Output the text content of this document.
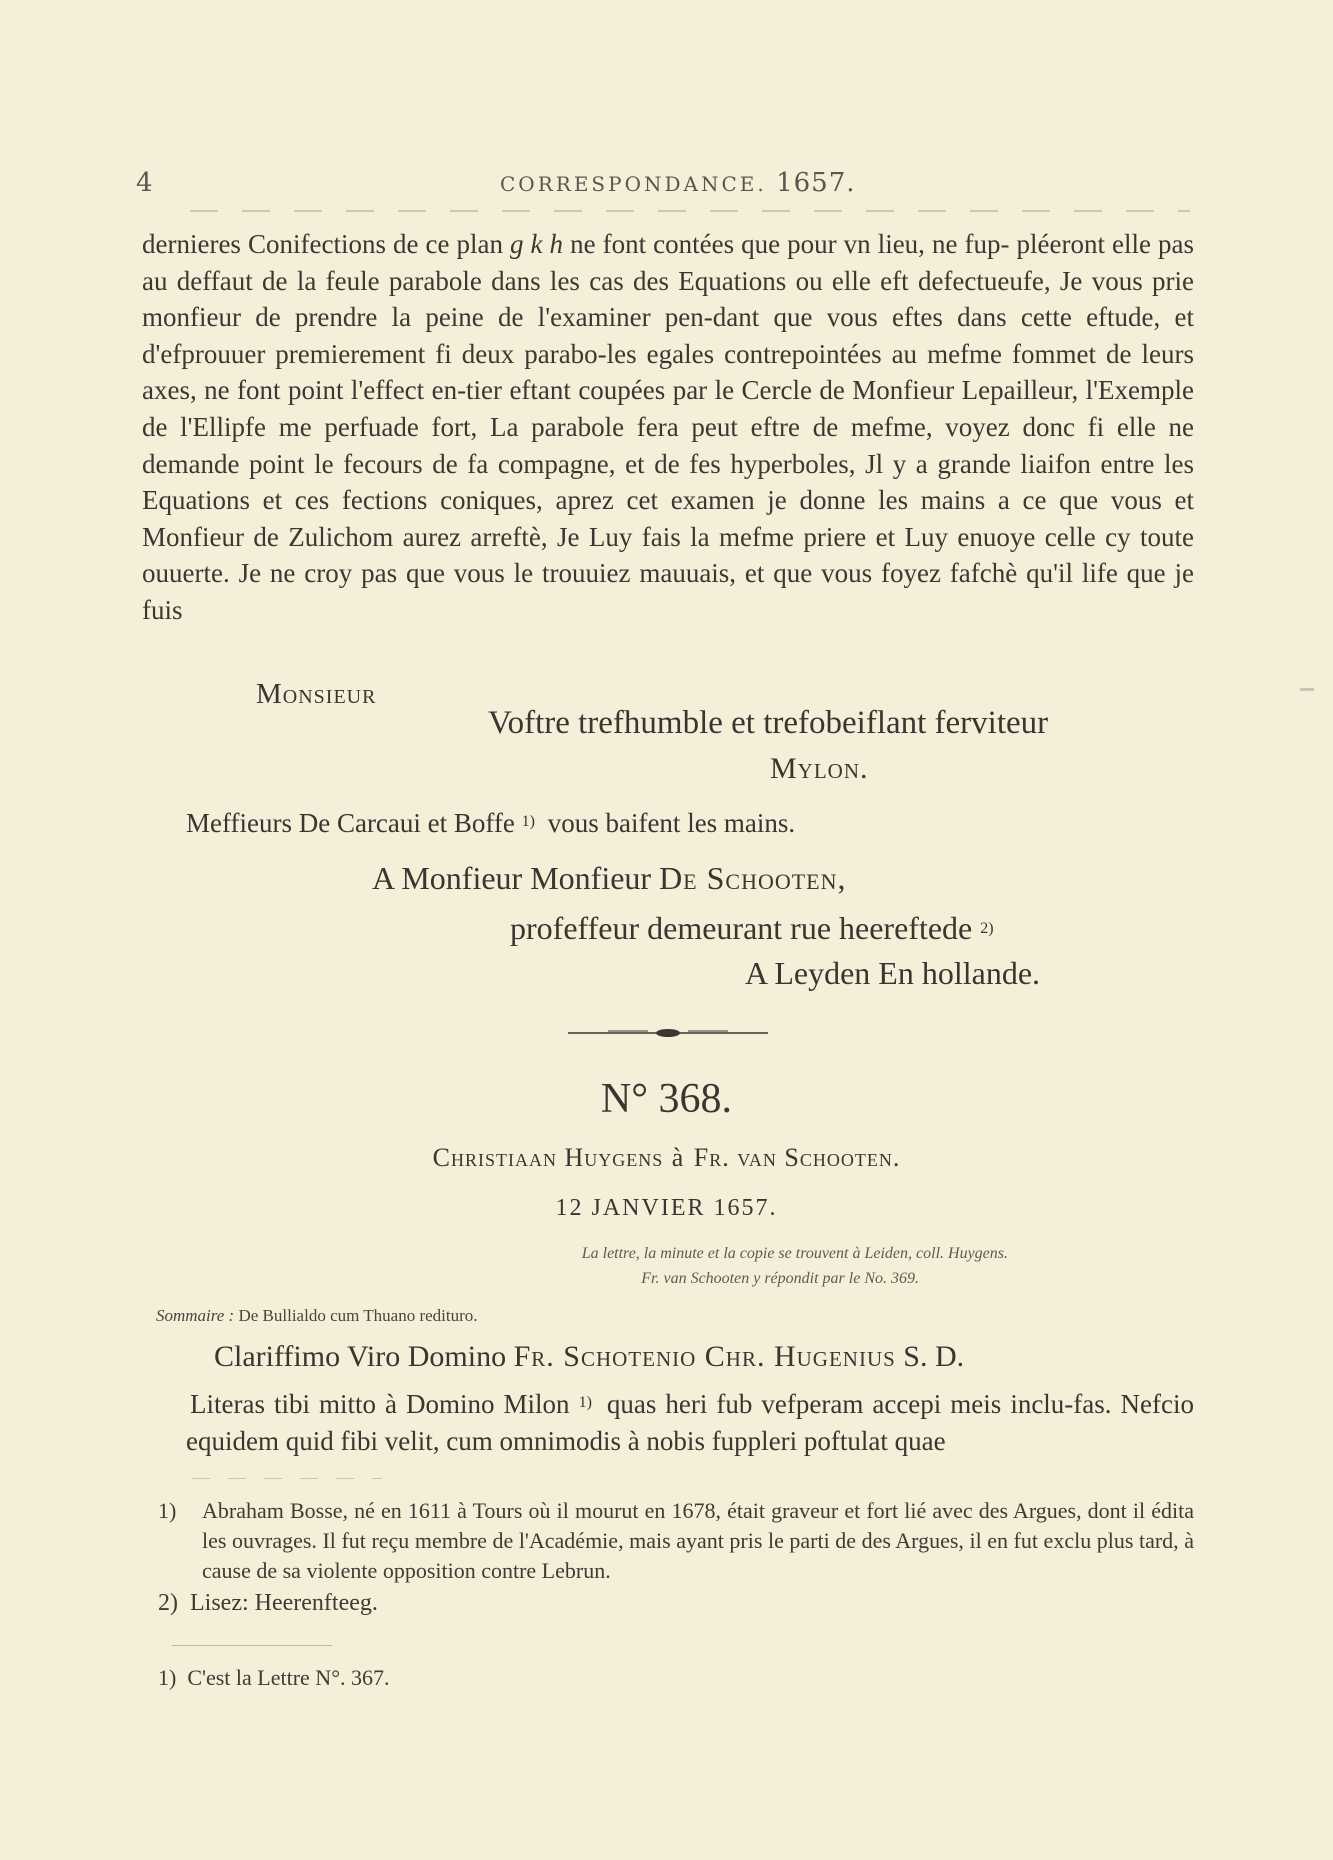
4	CORRESPONDANCE. 1657.

dernieres Conifections de ce plan g k h ne font contées que pour vn lieu, ne fup- pléeront elle pas au deffaut de la feule parabole dans les cas des Equations ou elle eft defectueufe, Je vous prie monfieur de prendre la peine de l'examiner pen-dant que vous eftes dans cette eftude, et d'efprouuer premierement fi deux parabo-les egales contrepointées au mefme fommet de leurs axes, ne font point l'effect en-tier eftant coupées par le Cercle de Monfieur Lepailleur, l'Exemple de l'Ellipfe me perfuade fort, La parabole fera peut eftre de mefme, voyez donc fi elle ne demande point le fecours de fa compagne, et de fes hyperboles, Jl y a grande liaifon entre les Equations et ces fections coniques, aprez cet examen je donne les mains a ce que vous et Monfieur de Zulichom aurez arreftè, Je Luy fais la mefme priere et Luy enuoye celle cy toute ouuerte. Je ne croy pas que vous le trouuiez mauuais, et que vous foyez fafchè qu'il life que je fuis

Monsieur
Voftre trefhumble et trefobeiflant ferviteur
Mylon.
Meffieurs De Carcaui et Boffe $^{1)}$ vous baifent les mains.
A Monfieur Monfieur De Schooten,
profeffeur demeurant rue heereftede 2)
A Leyden En hollande.
N° 368.
Christiaan Huygens à Fr. van Schooten.
12 JANVIER 1657.
La lettre, la minute et la copie se trouvent à Leiden, coll. Huygens.
Fr. van Schooten y répondit par le No. 369.
Sommaire : De Bullialdo cum Thuano redituro.
Clariffimo Viro Domino Fr. Schotenio Chr. Hugenius S. D.

Literas tibi mitto à Domino Milon $^{1)}$ quas heri fub vefperam accepi meis inclu-fas. Nefcio equidem quid fibi velit, cum omnimodis à nobis fuppleri poftulat quae

1) Abraham Bosse, né en 1611 à Tours où il mourut en 1678, était graveur et fort lié avec des Argues, dont il édita les ouvrages. Il fut reçu membre de l'Académie, mais ayant pris le parti de des Argues, il en fut exclu plus tard, à cause de sa violente opposition contre Lebrun.
2) Lisez: Heerenfteeg.
1) C'est la Lettre N°. 367.
